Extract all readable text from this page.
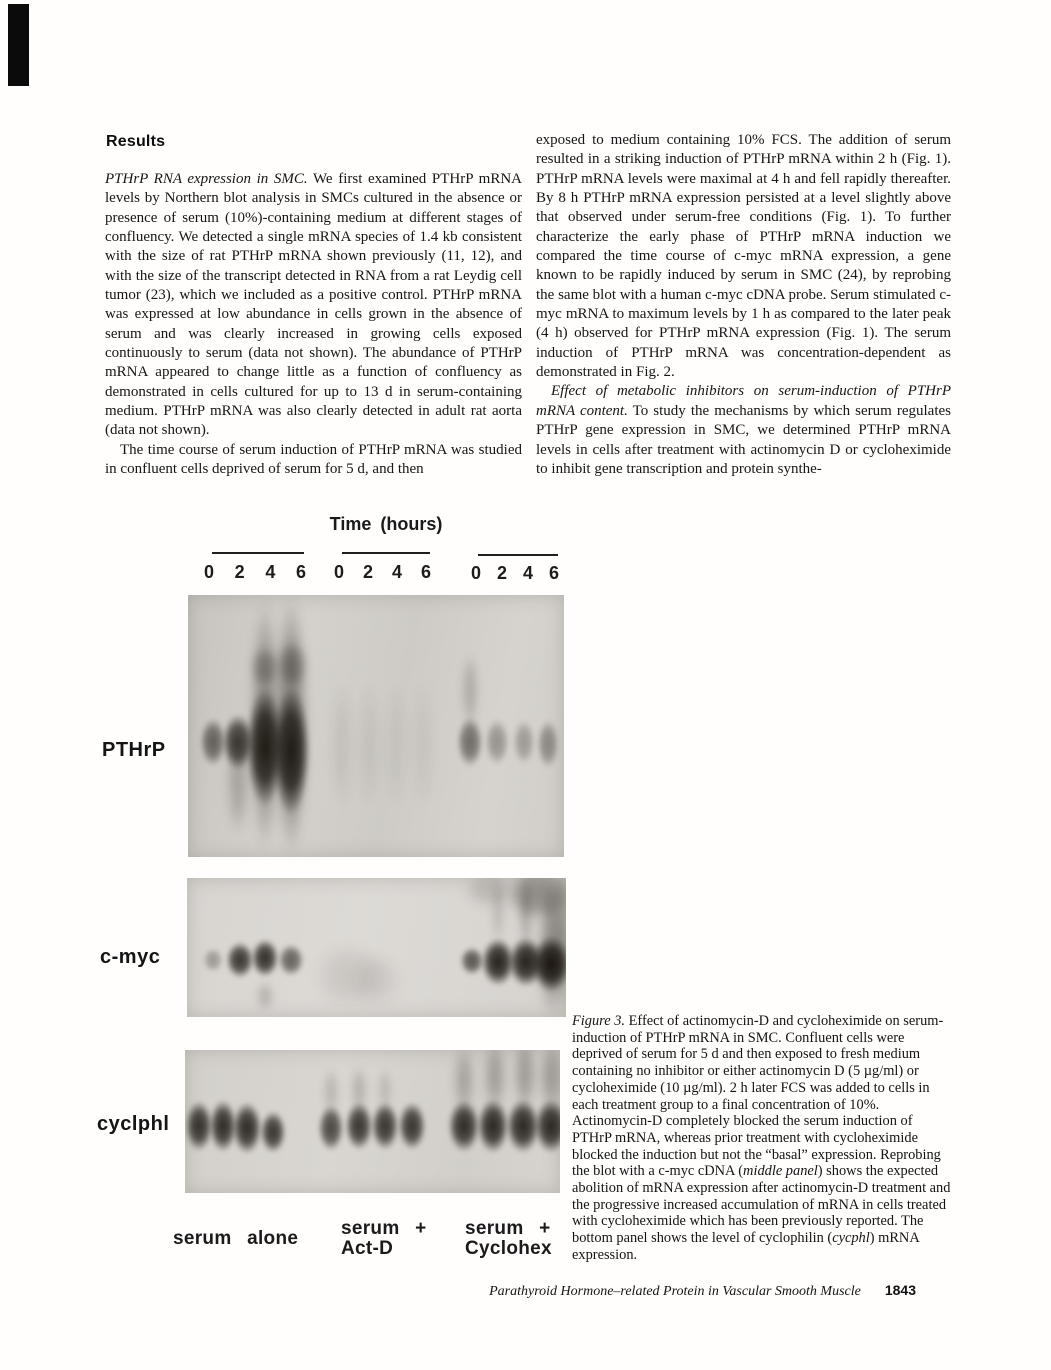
Results

PTHrP RNA expression in SMC. We first examined PTHrP mRNA levels by Northern blot analysis in SMCs cultured in the absence or presence of serum (10%)-containing medium at different stages of confluency. We detected a single mRNA species of 1.4 kb consistent with the size of rat PTHrP mRNA shown previously (11, 12), and with the size of the transcript detected in RNA from a rat Leydig cell tumor (23), which we included as a positive control. PTHrP mRNA was expressed at low abundance in cells grown in the absence of serum and was clearly increased in growing cells exposed continuously to serum (data not shown). The abundance of PTHrP mRNA appeared to change little as a function of confluency as demonstrated in cells cultured for up to 13 d in serum-containing medium. PTHrP mRNA was also clearly detected in adult rat aorta (data not shown).

The time course of serum induction of PTHrP mRNA was studied in confluent cells deprived of serum for 5 d, and then

exposed to medium containing 10% FCS. The addition of serum resulted in a striking induction of PTHrP mRNA within 2 h (Fig. 1). PTHrP mRNA levels were maximal at 4 h and fell rapidly thereafter. By 8 h PTHrP mRNA expression persisted at a level slightly above that observed under serum-free conditions (Fig. 1). To further characterize the early phase of PTHrP mRNA induction we compared the time course of c-myc mRNA expression, a gene known to be rapidly induced by serum in SMC (24), by reprobing the same blot with a human c-myc cDNA probe. Serum stimulated c-myc mRNA to maximum levels by 1 h as compared to the later peak (4 h) observed for PTHrP mRNA expression (Fig. 1). The serum induction of PTHrP mRNA was concentration-dependent as demonstrated in Fig. 2.

Effect of metabolic inhibitors on serum-induction of PTHrP mRNA content. To study the mechanisms by which serum regulates PTHrP gene expression in SMC, we determined PTHrP mRNA levels in cells after treatment with actinomycin D or cycloheximide to inhibit gene transcription and protein synthe-

Time (hours)
0 2 4 6
serum alone
0 2 4 6
serum +
Act-D
0 2 4 6
serum +
Cyclohex
PTHrP
c-myc
cyclphl
Figure 3. Effect of actinomycin-D and cycloheximide on serum-induction of PTHrP mRNA in SMC. Confluent cells were deprived of serum for 5 d and then exposed to fresh medium containing no inhibitor or either actinomycin D (5 µg/ml) or cycloheximide (10 µg/ml). 2 h later FCS was added to cells in each treatment group to a final concentration of 10%. Actinomycin-D completely blocked the serum induction of PTHrP mRNA, whereas prior treatment with cycloheximide blocked the induction but not the “basal” expression. Reprobing the blot with a c-myc cDNA (middle panel) shows the expected abolition of mRNA expression after actinomycin-D treatment and the progressive increased accumulation of mRNA in cells treated with cycloheximide which has been previously reported. The bottom panel shows the level of cyclophilin (cycphl) mRNA expression.
Parathyroid Hormone–related Protein in Vascular Smooth Muscle 1843
